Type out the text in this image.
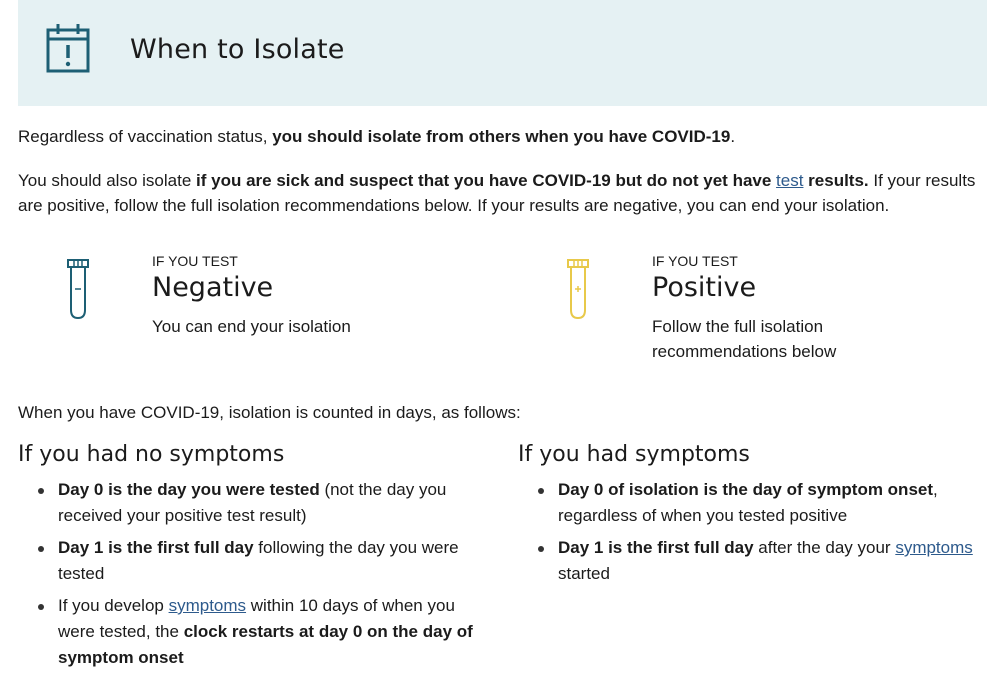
When to Isolate

Regardless of vaccination status, you should isolate from others when you have COVID-19.

You should also isolate if you are sick and suspect that you have COVID-19 but do not yet have test results. If your results are positive, follow the full isolation recommendations below. If your results are negative, you can end your isolation.

IF YOU TEST
Negative
You can end your isolation
IF YOU TEST
Positive
Follow the full isolation recommendations below

When you have COVID-19, isolation is counted in days, as follows:

If you had no symptoms
Day 0 is the day you were tested (not the day you received your positive test result)
Day 1 is the first full day following the day you were tested
If you develop symptoms within 10 days of when you were tested, the clock restarts at day 0 on the day of symptom onset
If you had symptoms
Day 0 of isolation is the day of symptom onset, regardless of when you tested positive
Day 1 is the first full day after the day your symptoms started
